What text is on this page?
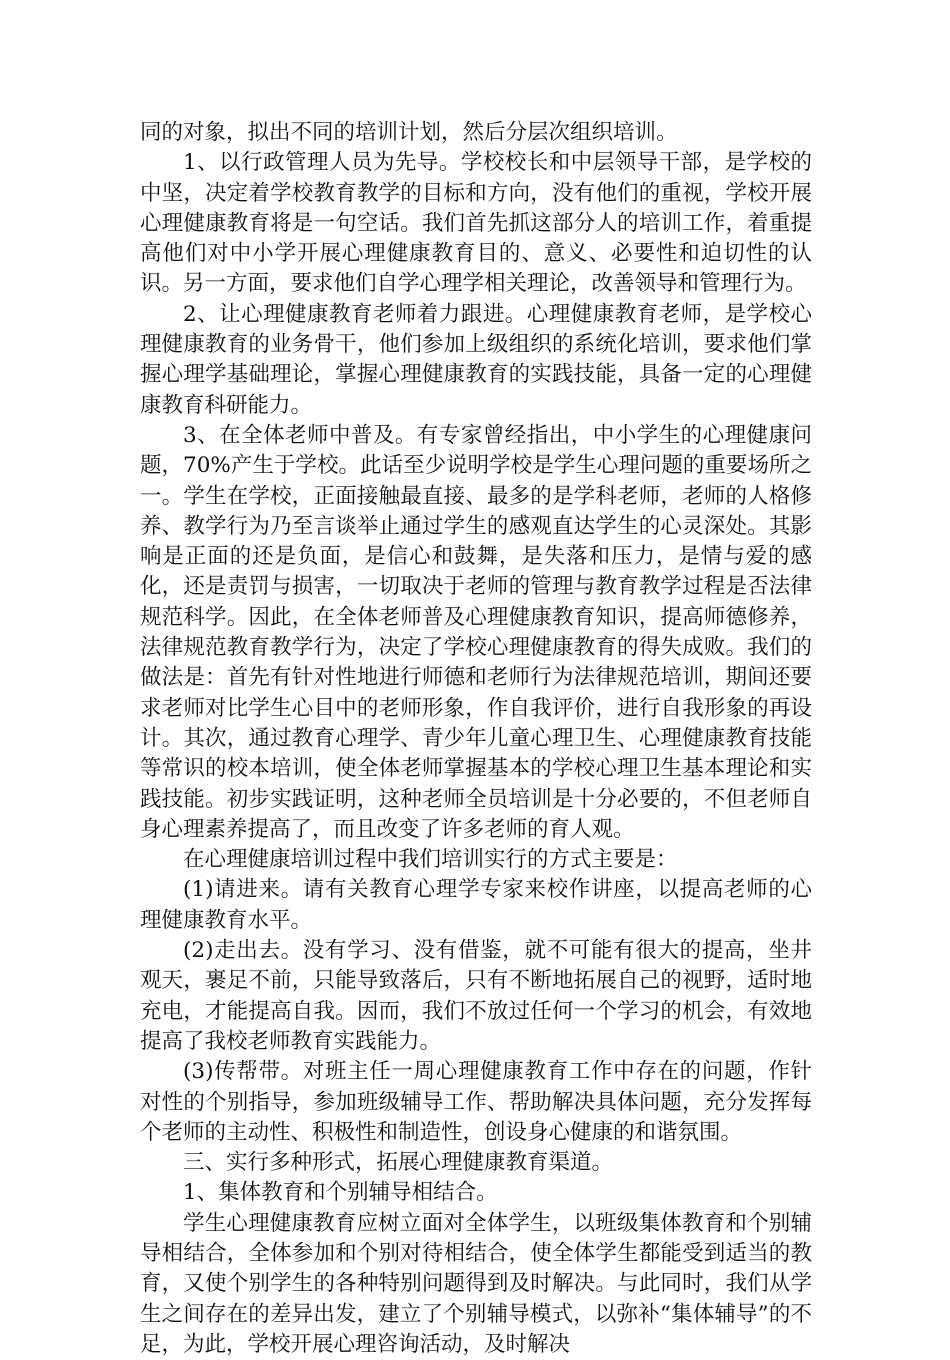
同的对象，拟出不同的培训计划，然后分层次组织培训。

1、以行政管理人员为先导。学校校长和中层领导干部，是学校的中坚，决定着学校教育教学的目标和方向，没有他们的重视，学校开展心理健康教育将是一句空话。我们首先抓这部分人的培训工作，着重提高他们对中小学开展心理健康教育目的、意义、必要性和迫切性的认识。另一方面，要求他们自学心理学相关理论，改善领导和管理行为。

2、让心理健康教育老师着力跟进。心理健康教育老师，是学校心理健康教育的业务骨干，他们参加上级组织的系统化培训，要求他们掌握心理学基础理论，掌握心理健康教育的实践技能，具备一定的心理健康教育科研能力。

3、在全体老师中普及。有专家曾经指出，中小学生的心理健康问题，70%产生于学校。此话至少说明学校是学生心理问题的重要场所之一。学生在学校，正面接触最直接、最多的是学科老师，老师的人格修养、教学行为乃至言谈举止通过学生的感观直达学生的心灵深处。其影响是正面的还是负面，是信心和鼓舞，是失落和压力，是情与爱的感化，还是责罚与损害，一切取决于老师的管理与教育教学过程是否法律规范科学。因此，在全体老师普及心理健康教育知识，提高师德修养，法律规范教育教学行为，决定了学校心理健康教育的得失成败。我们的做法是：首先有针对性地进行师德和老师行为法律规范培训，期间还要求老师对比学生心目中的老师形象，作自我评价，进行自我形象的再设计。其次，通过教育心理学、青少年儿童心理卫生、心理健康教育技能等常识的校本培训，使全体老师掌握基本的学校心理卫生基本理论和实践技能。初步实践证明，这种老师全员培训是十分必要的，不但老师自身心理素养提高了，而且改变了许多老师的育人观。

在心理健康培训过程中我们培训实行的方式主要是：

(1)请进来。请有关教育心理学专家来校作讲座，以提高老师的心理健康教育水平。

(2)走出去。没有学习、没有借鉴，就不可能有很大的提高，坐井观天，裹足不前，只能导致落后，只有不断地拓展自己的视野，适时地充电，才能提高自我。因而，我们不放过任何一个学习的机会，有效地提高了我校老师教育实践能力。

(3)传帮带。对班主任一周心理健康教育工作中存在的问题，作针对性的个别指导，参加班级辅导工作、帮助解决具体问题，充分发挥每个老师的主动性、积极性和制造性，创设身心健康的和谐氛围。

三、实行多种形式，拓展心理健康教育渠道。

1、集体教育和个别辅导相结合。

学生心理健康教育应树立面对全体学生，以班级集体教育和个别辅导相结合，全体参加和个别对待相结合，使全体学生都能受到适当的教育，又使个别学生的各种特别问题得到及时解决。与此同时，我们从学生之间存在的差异出发，建立了个别辅导模式，以弥补“集体辅导”的不足，为此，学校开展心理咨询活动，及时解决
